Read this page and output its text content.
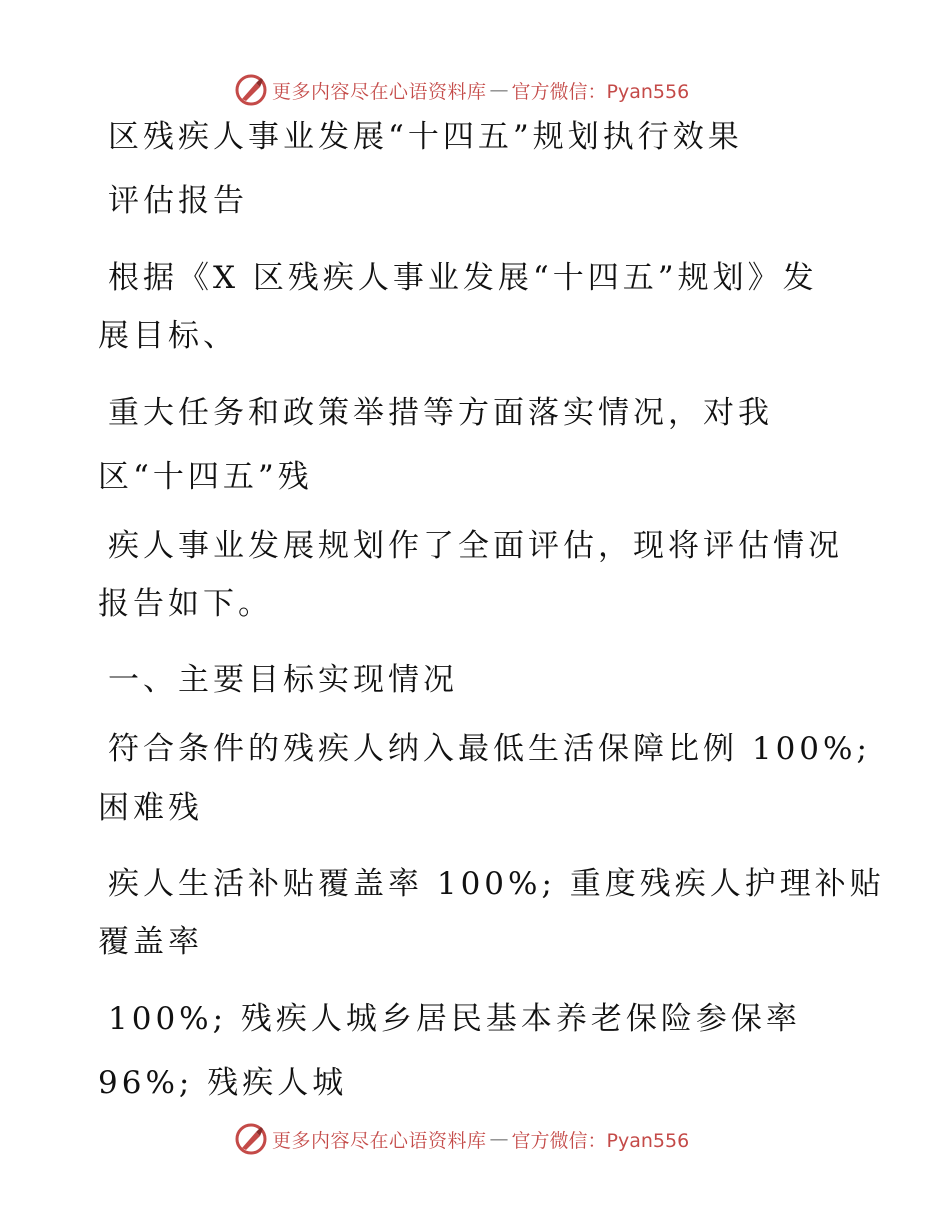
更多内容尽在心语资料库 — 官方微信：Pyan556
区残疾人事业发展“十四五”规划执行效果
评估报告
根据《X 区残疾人事业发展“十四五”规划》发
展目标、
重大任务和政策举措等方面落实情况，对我
区“十四五”残
疾人事业发展规划作了全面评估，现将评估情况
报告如下。
一、主要目标实现情况
符合条件的残疾人纳入最低生活保障比例 100%;
困难残
疾人生活补贴覆盖率 100%; 重度残疾人护理补贴
覆盖率
100%; 残疾人城乡居民基本养老保险参保率
96%; 残疾人城
更多内容尽在心语资料库 — 官方微信：Pyan556
